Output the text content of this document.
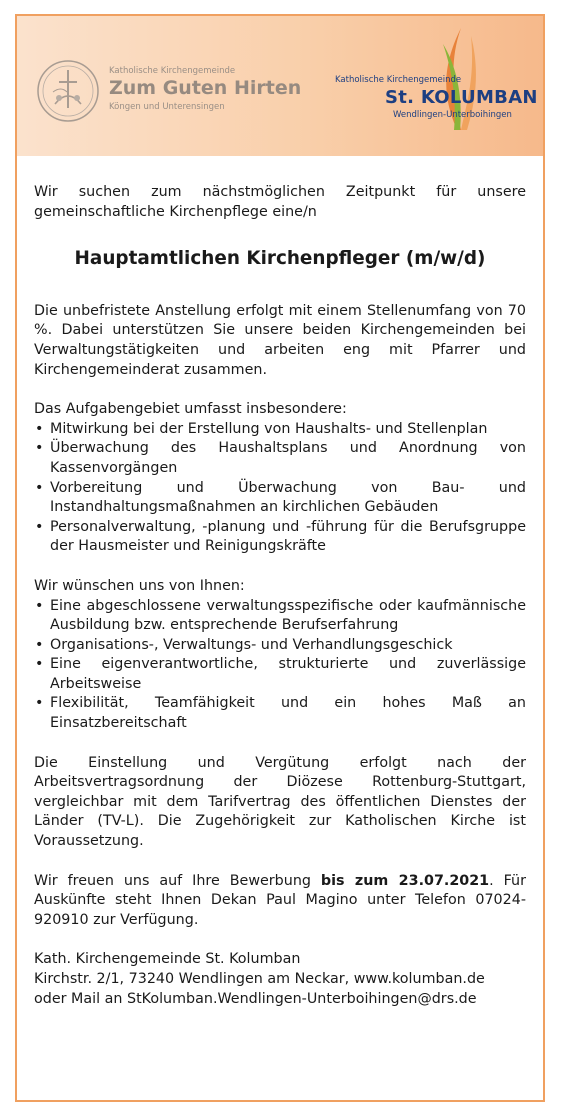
Katholische Kirchengemeinde
Zum Guten Hirten
Köngen und Unterensingen
Katholische Kirchengemeinde
St. KOLUMBAN
Wendlingen-Unterboihingen

Wir suchen zum nächstmöglichen Zeitpunkt für unsere gemeinschaftliche Kirchenpflege eine/n

Hauptamtlichen Kirchenpfleger (m/w/d)

Die unbefristete Anstellung erfolgt mit einem Stellenumfang von 70 %. Dabei unterstützen Sie unsere beiden Kirchengemeinden bei Verwaltungstätigkeiten und arbeiten eng mit Pfarrer und Kirchengemeinderat zusammen.

Das Aufgabengebiet umfasst insbesondere:

• Mitwirkung bei der Erstellung von Haushalts- und Stellenplan
• Überwachung des Haushaltsplans und Anordnung von Kassenvorgängen
• Vorbereitung und Überwachung von Bau- und Instandhaltungsmaßnahmen an kirchlichen Gebäuden
• Personalverwaltung, -planung und -führung für die Berufsgruppe der Hausmeister und Reinigungskräfte

Wir wünschen uns von Ihnen:

• Eine abgeschlossene verwaltungsspezifische oder kaufmännische Ausbildung bzw. entsprechende Berufserfahrung
• Organisations-, Verwaltungs- und Verhandlungsgeschick
• Eine eigenverantwortliche, strukturierte und zuverlässige Arbeitsweise
• Flexibilität, Teamfähigkeit und ein hohes Maß an Einsatzbereitschaft

Die Einstellung und Vergütung erfolgt nach der Arbeitsvertragsordnung der Diözese Rottenburg-Stuttgart, vergleichbar mit dem Tarifvertrag des öffentlichen Dienstes der Länder (TV-L). Die Zugehörigkeit zur Katholischen Kirche ist Voraussetzung.

Wir freuen uns auf Ihre Bewerbung bis zum 23.07.2021. Für Auskünfte steht Ihnen Dekan Paul Magino unter Telefon 07024-920910 zur Verfügung.

Kath. Kirchengemeinde St. Kolumban

Kirchstr. 2/1, 73240 Wendlingen am Neckar, www.kolumban.de

oder Mail an StKolumban.Wendlingen-Unterboihingen@drs.de
